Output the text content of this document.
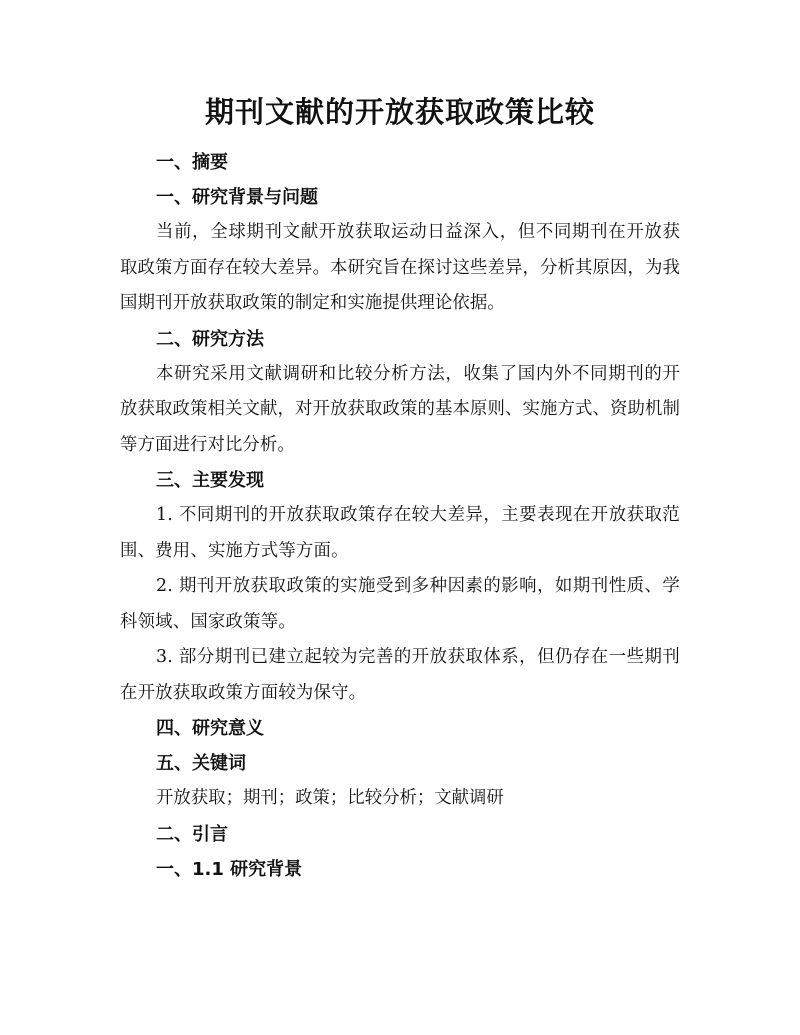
期刊文献的开放获取政策比较
一、摘要
一、研究背景与问题

当前，全球期刊文献开放获取运动日益深入，但不同期刊在开放获取政策方面存在较大差异。本研究旨在探讨这些差异，分析其原因，为我国期刊开放获取政策的制定和实施提供理论依据。

二、研究方法

本研究采用文献调研和比较分析方法，收集了国内外不同期刊的开放获取政策相关文献，对开放获取政策的基本原则、实施方式、资助机制等方面进行对比分析。

三、主要发现

1. 不同期刊的开放获取政策存在较大差异，主要表现在开放获取范围、费用、实施方式等方面。

2. 期刊开放获取政策的实施受到多种因素的影响，如期刊性质、学科领域、国家政策等。

3. 部分期刊已建立起较为完善的开放获取体系，但仍存在一些期刊在开放获取政策方面较为保守。

四、研究意义
五、关键词
开放获取；期刊；政策；比较分析；文献调研
二、引言
一、1.1 研究背景
